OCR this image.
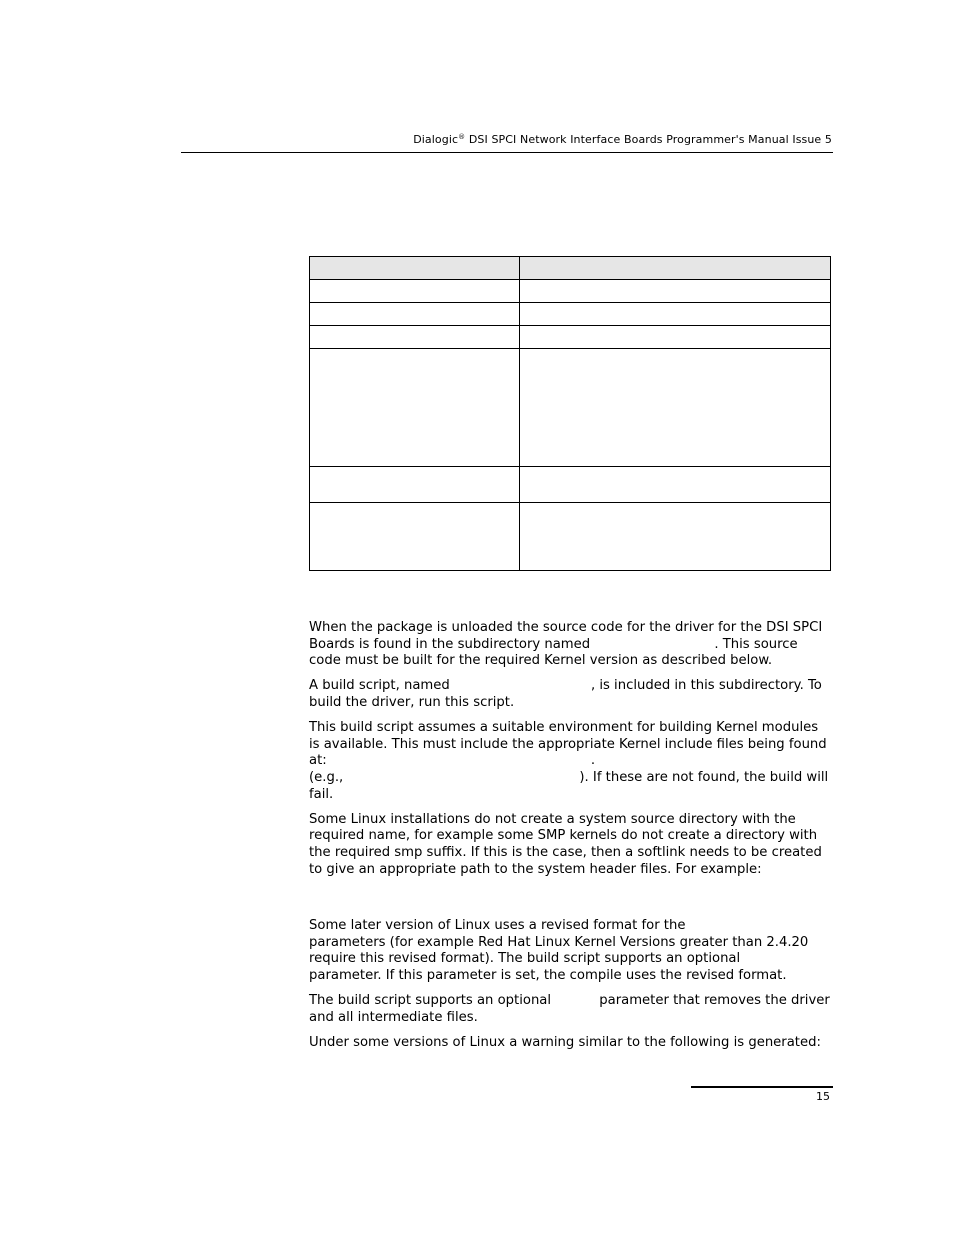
Dialogic® DSI SPCI Network Interface Boards Programmer's Manual Issue 5

When the package is unloaded the source code for the driver for the DSI SPCI Boards is found in the subdirectory named	. This source code must be built for the required Kernel version as described below.

A build script, named	, is included in this subdirectory. To build the driver, run this script.

This build script assumes a suitable environment for building Kernel modules is available. This must include the appropriate Kernel include files being found at:	.
(e.g.,	). If these are not found, the build will fail.

Some Linux installations do not create a system source directory with the required name, for example some SMP kernels do not create a directory with the required smp suffix. If this is the case, then a softlink needs to be created to give an appropriate path to the system header files. For example:

Some later version of Linux uses a revised format for the
parameters (for example Red Hat Linux Kernel Versions greater than 2.4.20 require this revised format). The build script supports an optional
parameter. If this parameter is set, the compile uses the revised format.

The build script supports an optional	parameter that removes the driver and all intermediate files.

Under some versions of Linux a warning similar to the following is generated:

15
